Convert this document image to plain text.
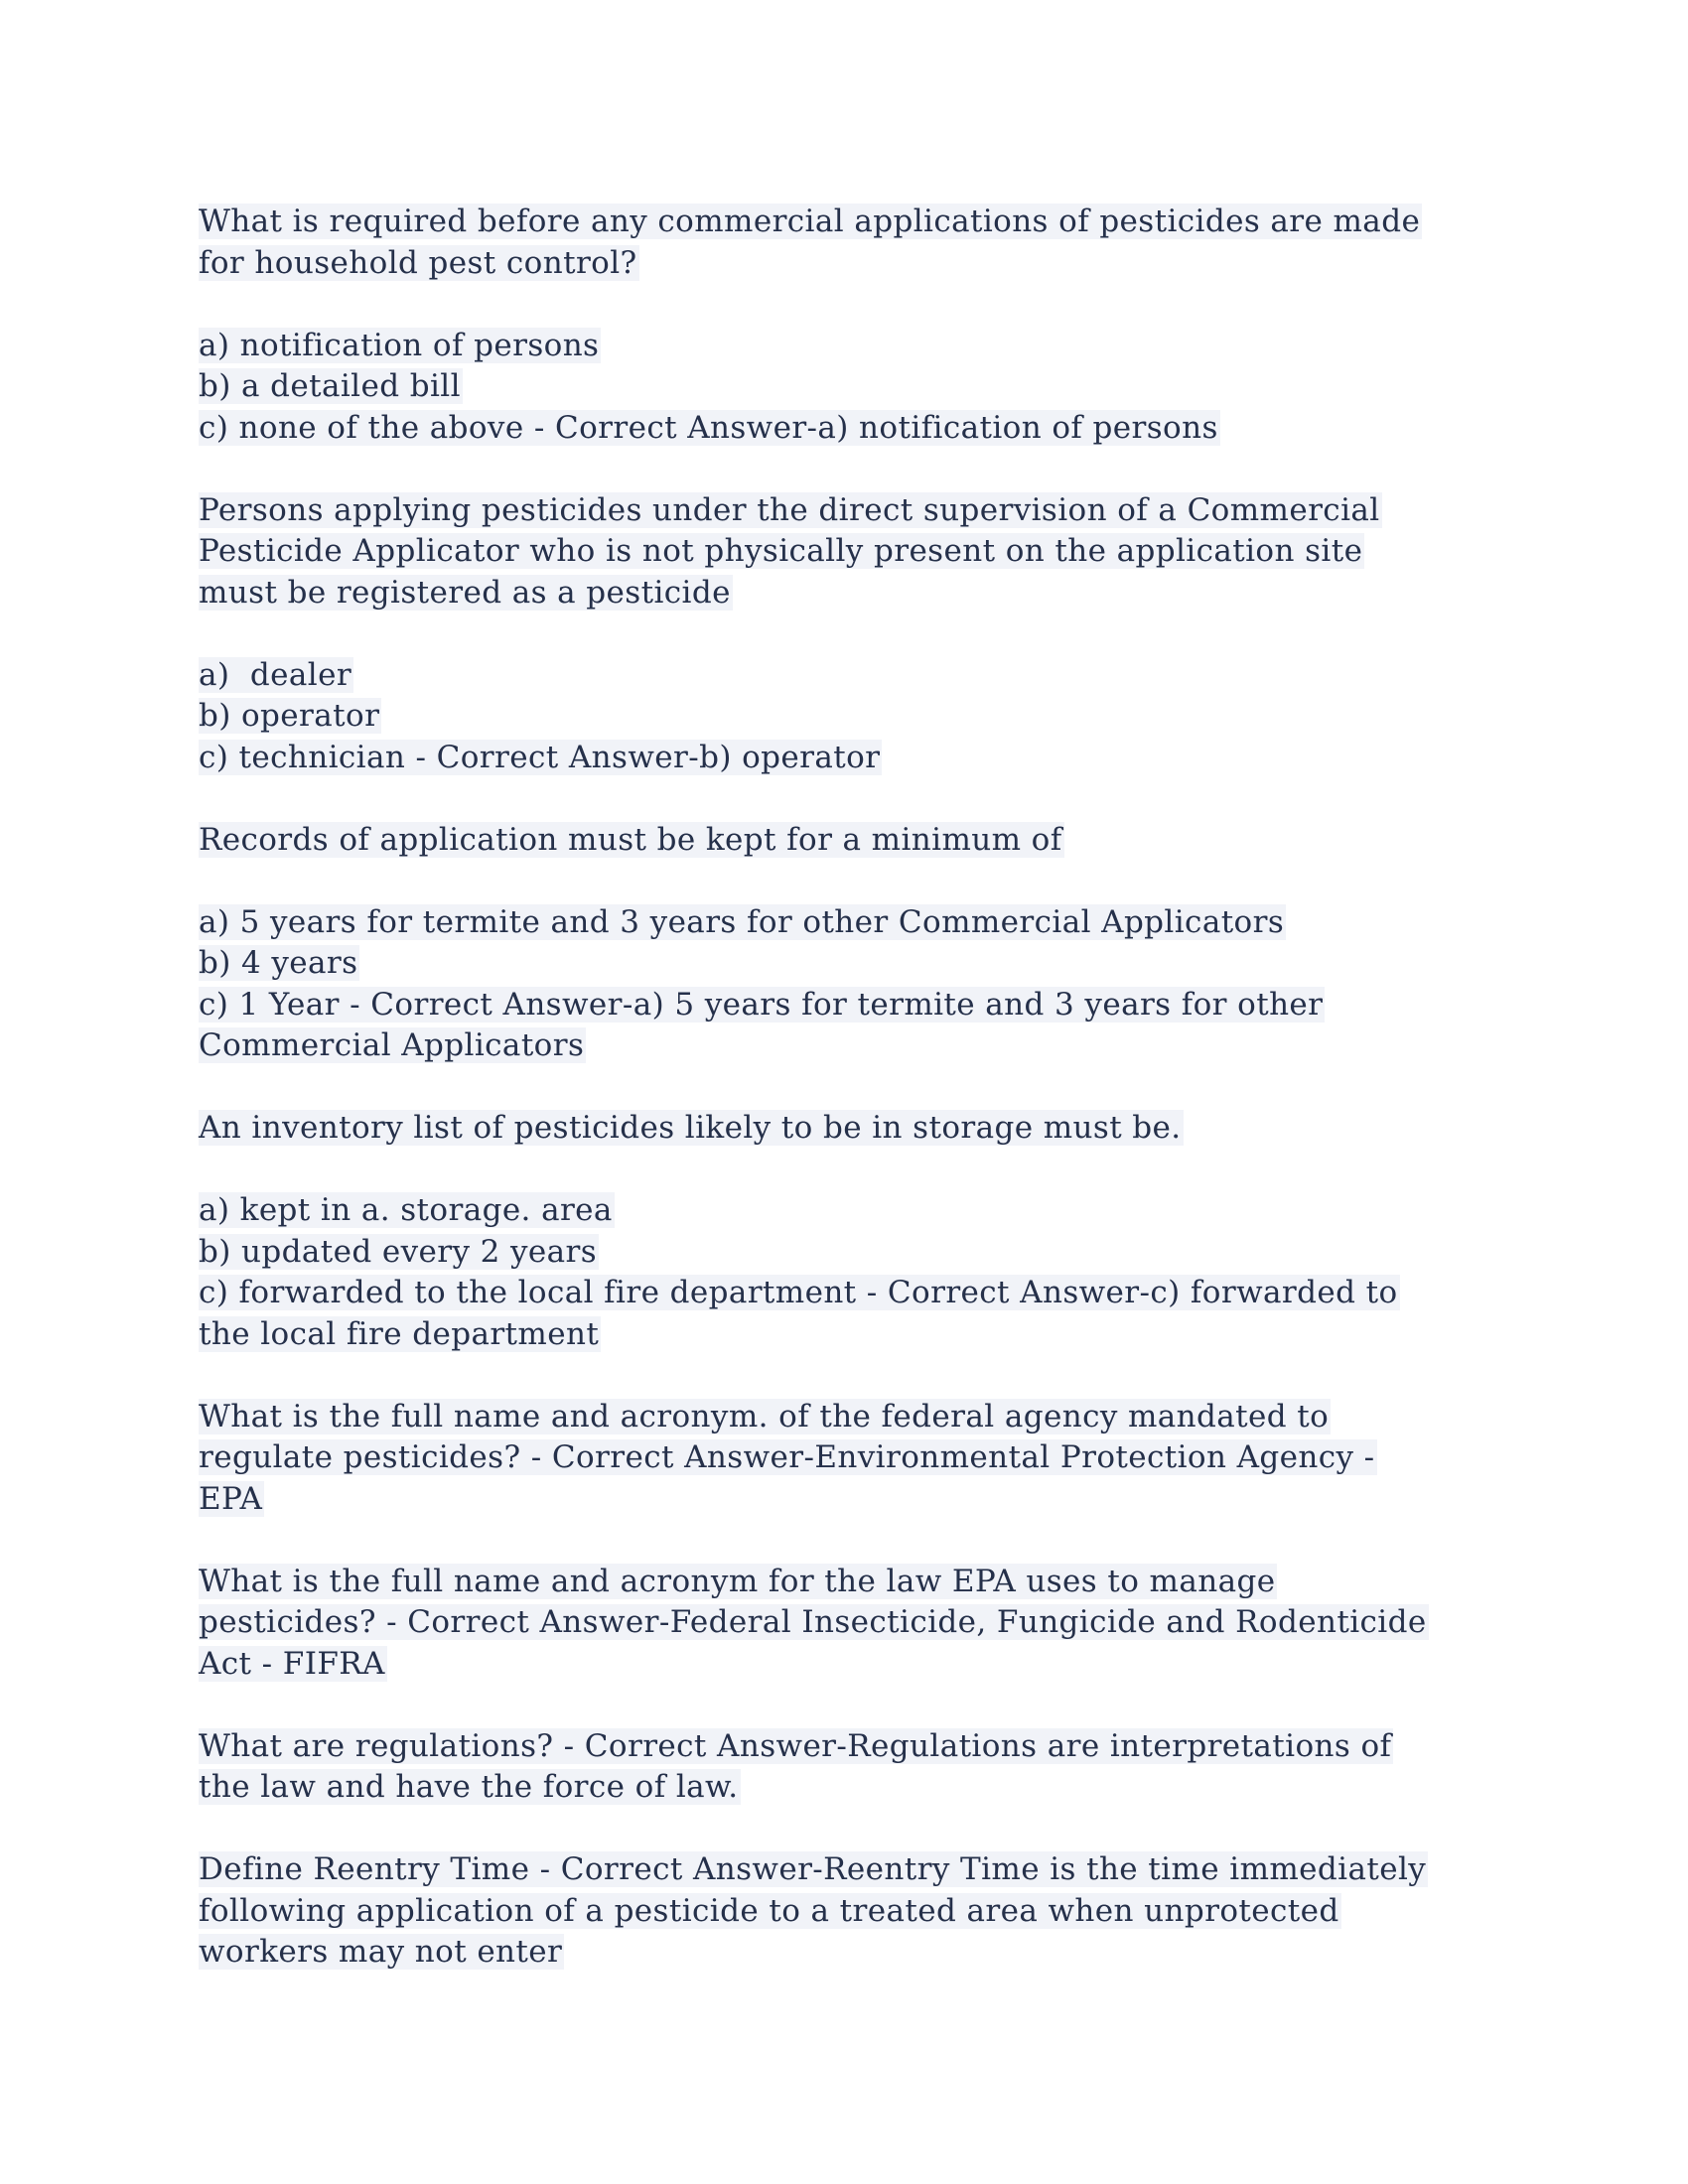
What is required before any commercial applications of pesticides are made
for household pest control?
a) notification of persons
b) a detailed bill
c) none of the above - Correct Answer-a) notification of persons
Persons applying pesticides under the direct supervision of a Commercial
Pesticide Applicator who is not physically present on the application site
must be registered as a pesticide
a)  dealer
b) operator
c) technician - Correct Answer-b) operator
Records of application must be kept for a minimum of
a) 5 years for termite and 3 years for other Commercial Applicators
b) 4 years
c) 1 Year - Correct Answer-a) 5 years for termite and 3 years for other
Commercial Applicators
An inventory list of pesticides likely to be in storage must be.
a) kept in a. storage. area
b) updated every 2 years
c) forwarded to the local fire department - Correct Answer-c) forwarded to
the local fire department
What is the full name and acronym. of the federal agency mandated to
regulate pesticides? - Correct Answer-Environmental Protection Agency -
EPA
What is the full name and acronym for the law EPA uses to manage
pesticides? - Correct Answer-Federal Insecticide, Fungicide and Rodenticide
Act - FIFRA
What are regulations? - Correct Answer-Regulations are interpretations of
the law and have the force of law.
Define Reentry Time - Correct Answer-Reentry Time is the time immediately
following application of a pesticide to a treated area when unprotected
workers may not enter
